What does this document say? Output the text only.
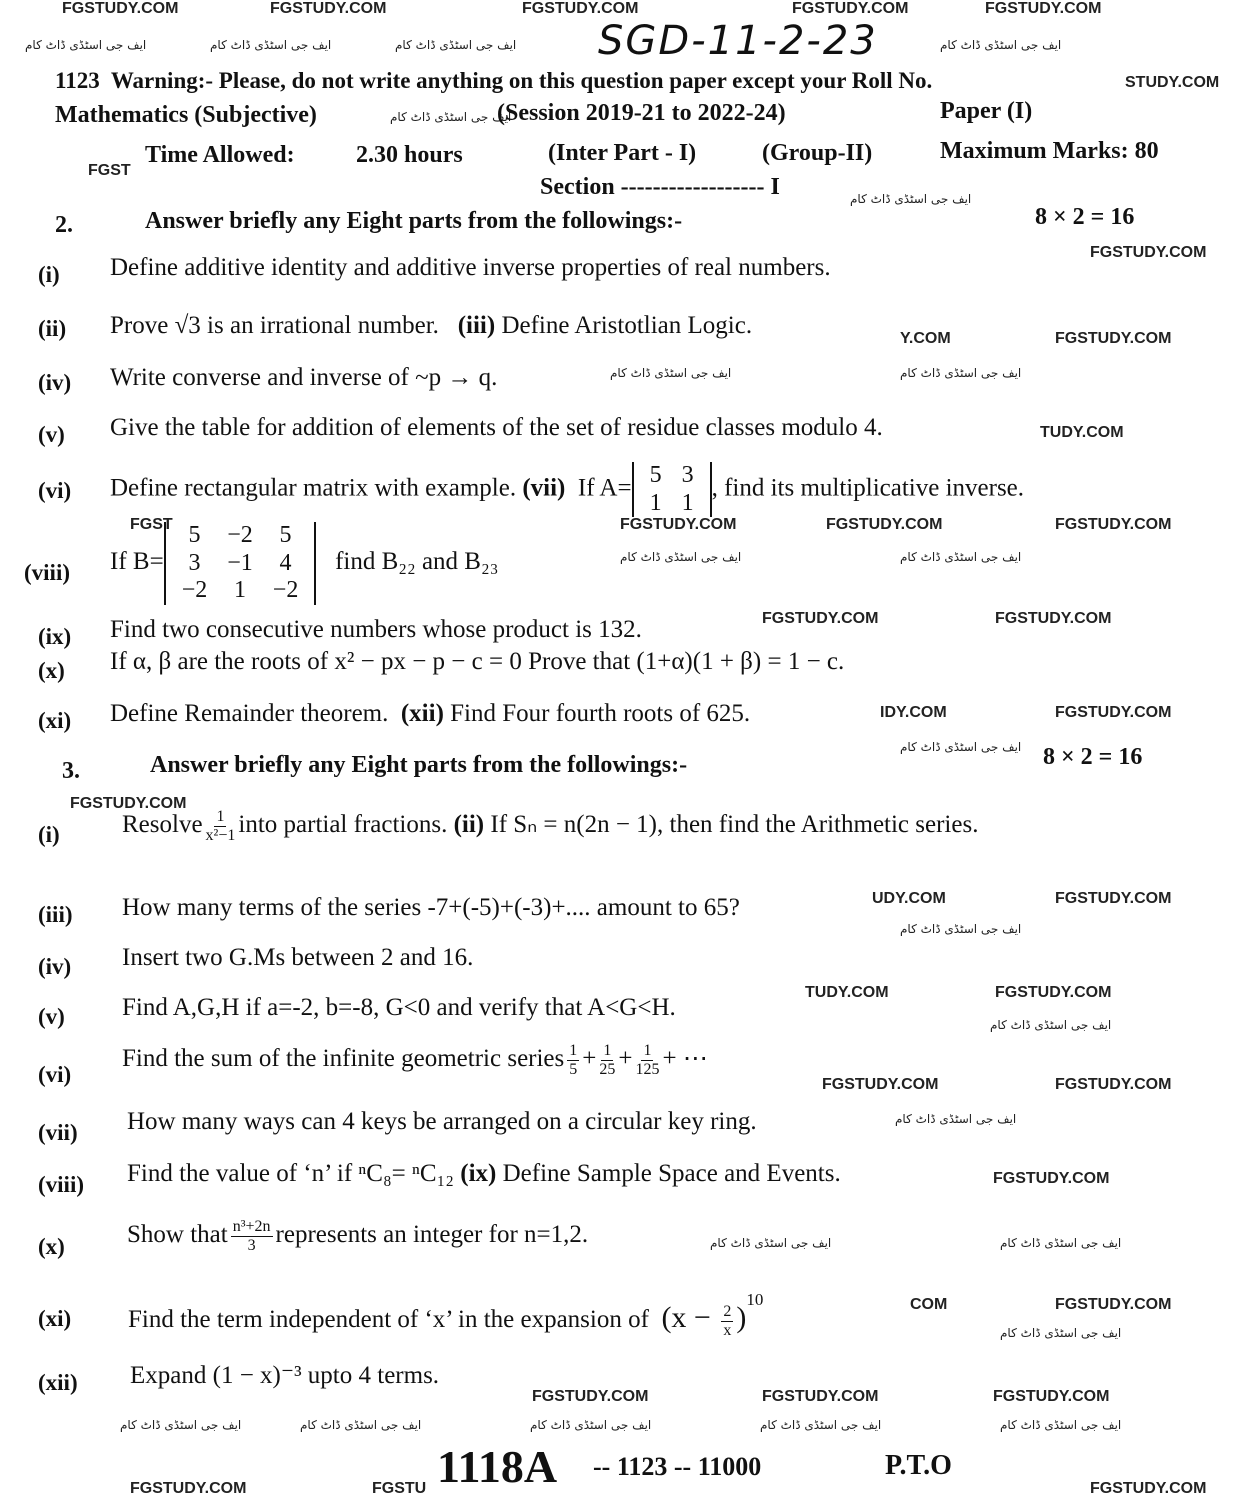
FGSTUDY.COM	FGSTUDY.COM	FGSTUDY.COM	FGSTUDY.COM	FGSTUDY.COM
ایف جی اسٹڈی ڈاٹ کام	ایف جی اسٹڈی ڈاٹ کام	ایف جی اسٹڈی ڈاٹ کام	ایف جی اسٹڈی ڈاٹ کام
SGD-11-2-23
1123 Warning:- Please, do not write anything on this question paper except your Roll No.	STUDY.COM
Mathematics (Subjective)	ایف جی اسٹڈی ڈاٹ کام
(Session 2019-21 to 2022-24)	Paper (I)
FGST
Time Allowed:	2.30 hours	(Inter Part - I)	(Group-II)	Maximum Marks: 80
Section ------------------ I	ایف جی اسٹڈی ڈاٹ کام
2.	Answer briefly any Eight parts from the followings:-	8 × 2 = 16
FGSTUDY.COM
(i) Define additive identity and additive inverse properties of real numbers.
(ii) Prove √3 is an irrational number. (iii) Define Aristotlian Logic.	Y.COM	FGSTUDY.COM
(iv) Write converse and inverse of ~p → q.	ایف جی اسٹڈی ڈاٹ کام	ایف جی اسٹڈی ڈاٹ کام
(v) Give the table for addition of elements of the set of residue classes modulo 4.	TUDY.COM
(vi) Define rectangular matrix with example. (vii) If A= 5	3
1	1
, find its multiplicative inverse.
FGST	FGSTUDY.COM	FGSTUDY.COM	FGSTUDY.COM
(viii) If B=
5	−2	5
3	−1	4
−2	1	−2
find B₂₂ and B₂₃	ایف جی اسٹڈی ڈاٹ کام	ایف جی اسٹڈی ڈاٹ کام
FGSTUDY.COM	FGSTUDY.COM
(ix) Find two consecutive numbers whose product is 132.
(x) If α, β are the roots of x² − px − p − c = 0 Prove that (1+α)(1 + β) = 1 − c.
(xi) Define Remainder theorem. (xii) Find Four fourth roots of 625.	IDY.COM	FGSTUDY.COM
3.	Answer briefly any Eight parts from the followings:-
ایف جی اسٹڈی ڈاٹ کام 8 × 2 = 16
FGSTUDY.COM
(i) Resolve $\frac{1}{\text{x²−1}}$ into partial fractions. (ii) If Sₙ = n(2n − 1), then find the Arithmetic series.
(iii) How many terms of the series -7+(-5)+(-3)+.... amount to 65?	UDY.COM	FGSTUDY.COM
ایف جی اسٹڈی ڈاٹ کام
(iv) Insert two G.Ms between 2 and 16.
TUDY.COM	FGSTUDY.COM
(v) Find A,G,H if a=-2, b=-8, G<0 and verify that A<G<H.
ایف جی اسٹڈی ڈاٹ کام
(vi)
Find the sum of the infinite geometric series $\frac{1}{5} + \frac{1}{25} + \frac{1}{125}$ + ⋯
FGSTUDY.COM	FGSTUDY.COM
(vii) How many ways can 4 keys be arranged on a circular key ring.	ایف جی اسٹڈی ڈاٹ کام
(viii) Find the value of ‘n’ if ⁿC₈= ⁿC₁₂ (ix) Define Sample Space and Events.	FGSTUDY.COM
(x) Show that $\frac{\text{n³+2n}}{3}$ represents an integer for n=1,2.	ایف جی اسٹڈی ڈاٹ کام	ایف جی اسٹڈی ڈاٹ کام
(xi) Find the term independent of ‘x’ in the expansion of $(x - \frac{2}{x} )^{10}$	COM	FGSTUDY.COM
ایف جی اسٹڈی ڈاٹ کام
(xii) Expand (1 − x)⁻³ upto 4 terms.
FGSTUDY.COM	FGSTUDY.COM	FGSTUDY.COM
ایف جی اسٹڈی ڈاٹ کام	ایف جی اسٹڈی ڈاٹ کام	ایف جی اسٹڈی ڈاٹ کام	ایف جی اسٹڈی ڈاٹ کام	ایف جی اسٹڈی ڈاٹ کام
FGSTUDY.COM	FGSTU 1118A -- 1123 -- 11000	P.T.O
FGSTUDY.COM
